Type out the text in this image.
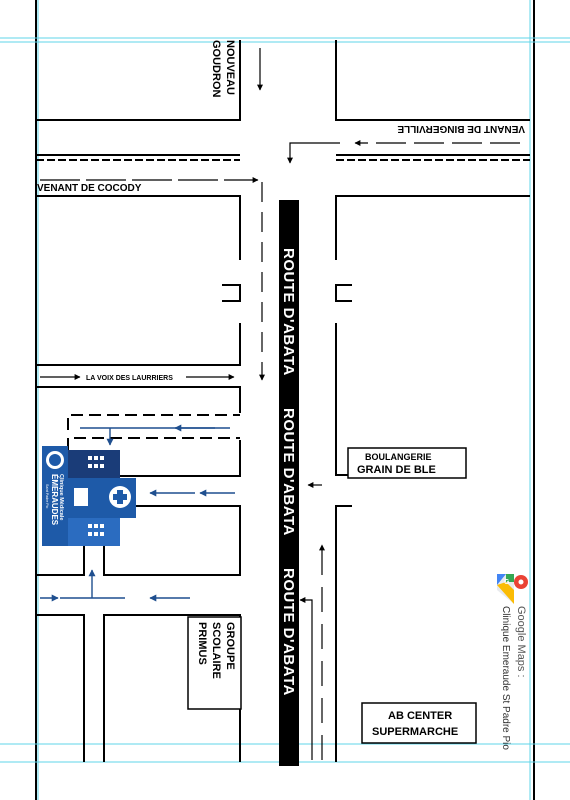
ROUTE D'ABATA
ROUTE D'ABATA
ROUTE D'ABATA
NOUVEAU
GOUDRON
VENANT DE BINGERVILLE
VENANT DE COCODY
LA VOIX DES LAURRIERS
BOULANGERIE
GRAIN DE BLE
GROUPE
SCOLAIRE
PRIMUS
AB CENTER
SUPERMARCHE
Clinique Médicale
ÉMERAUDES
Saint Padre Pio
G
Google Maps :
Clinique Emeraude St Padre Pio
